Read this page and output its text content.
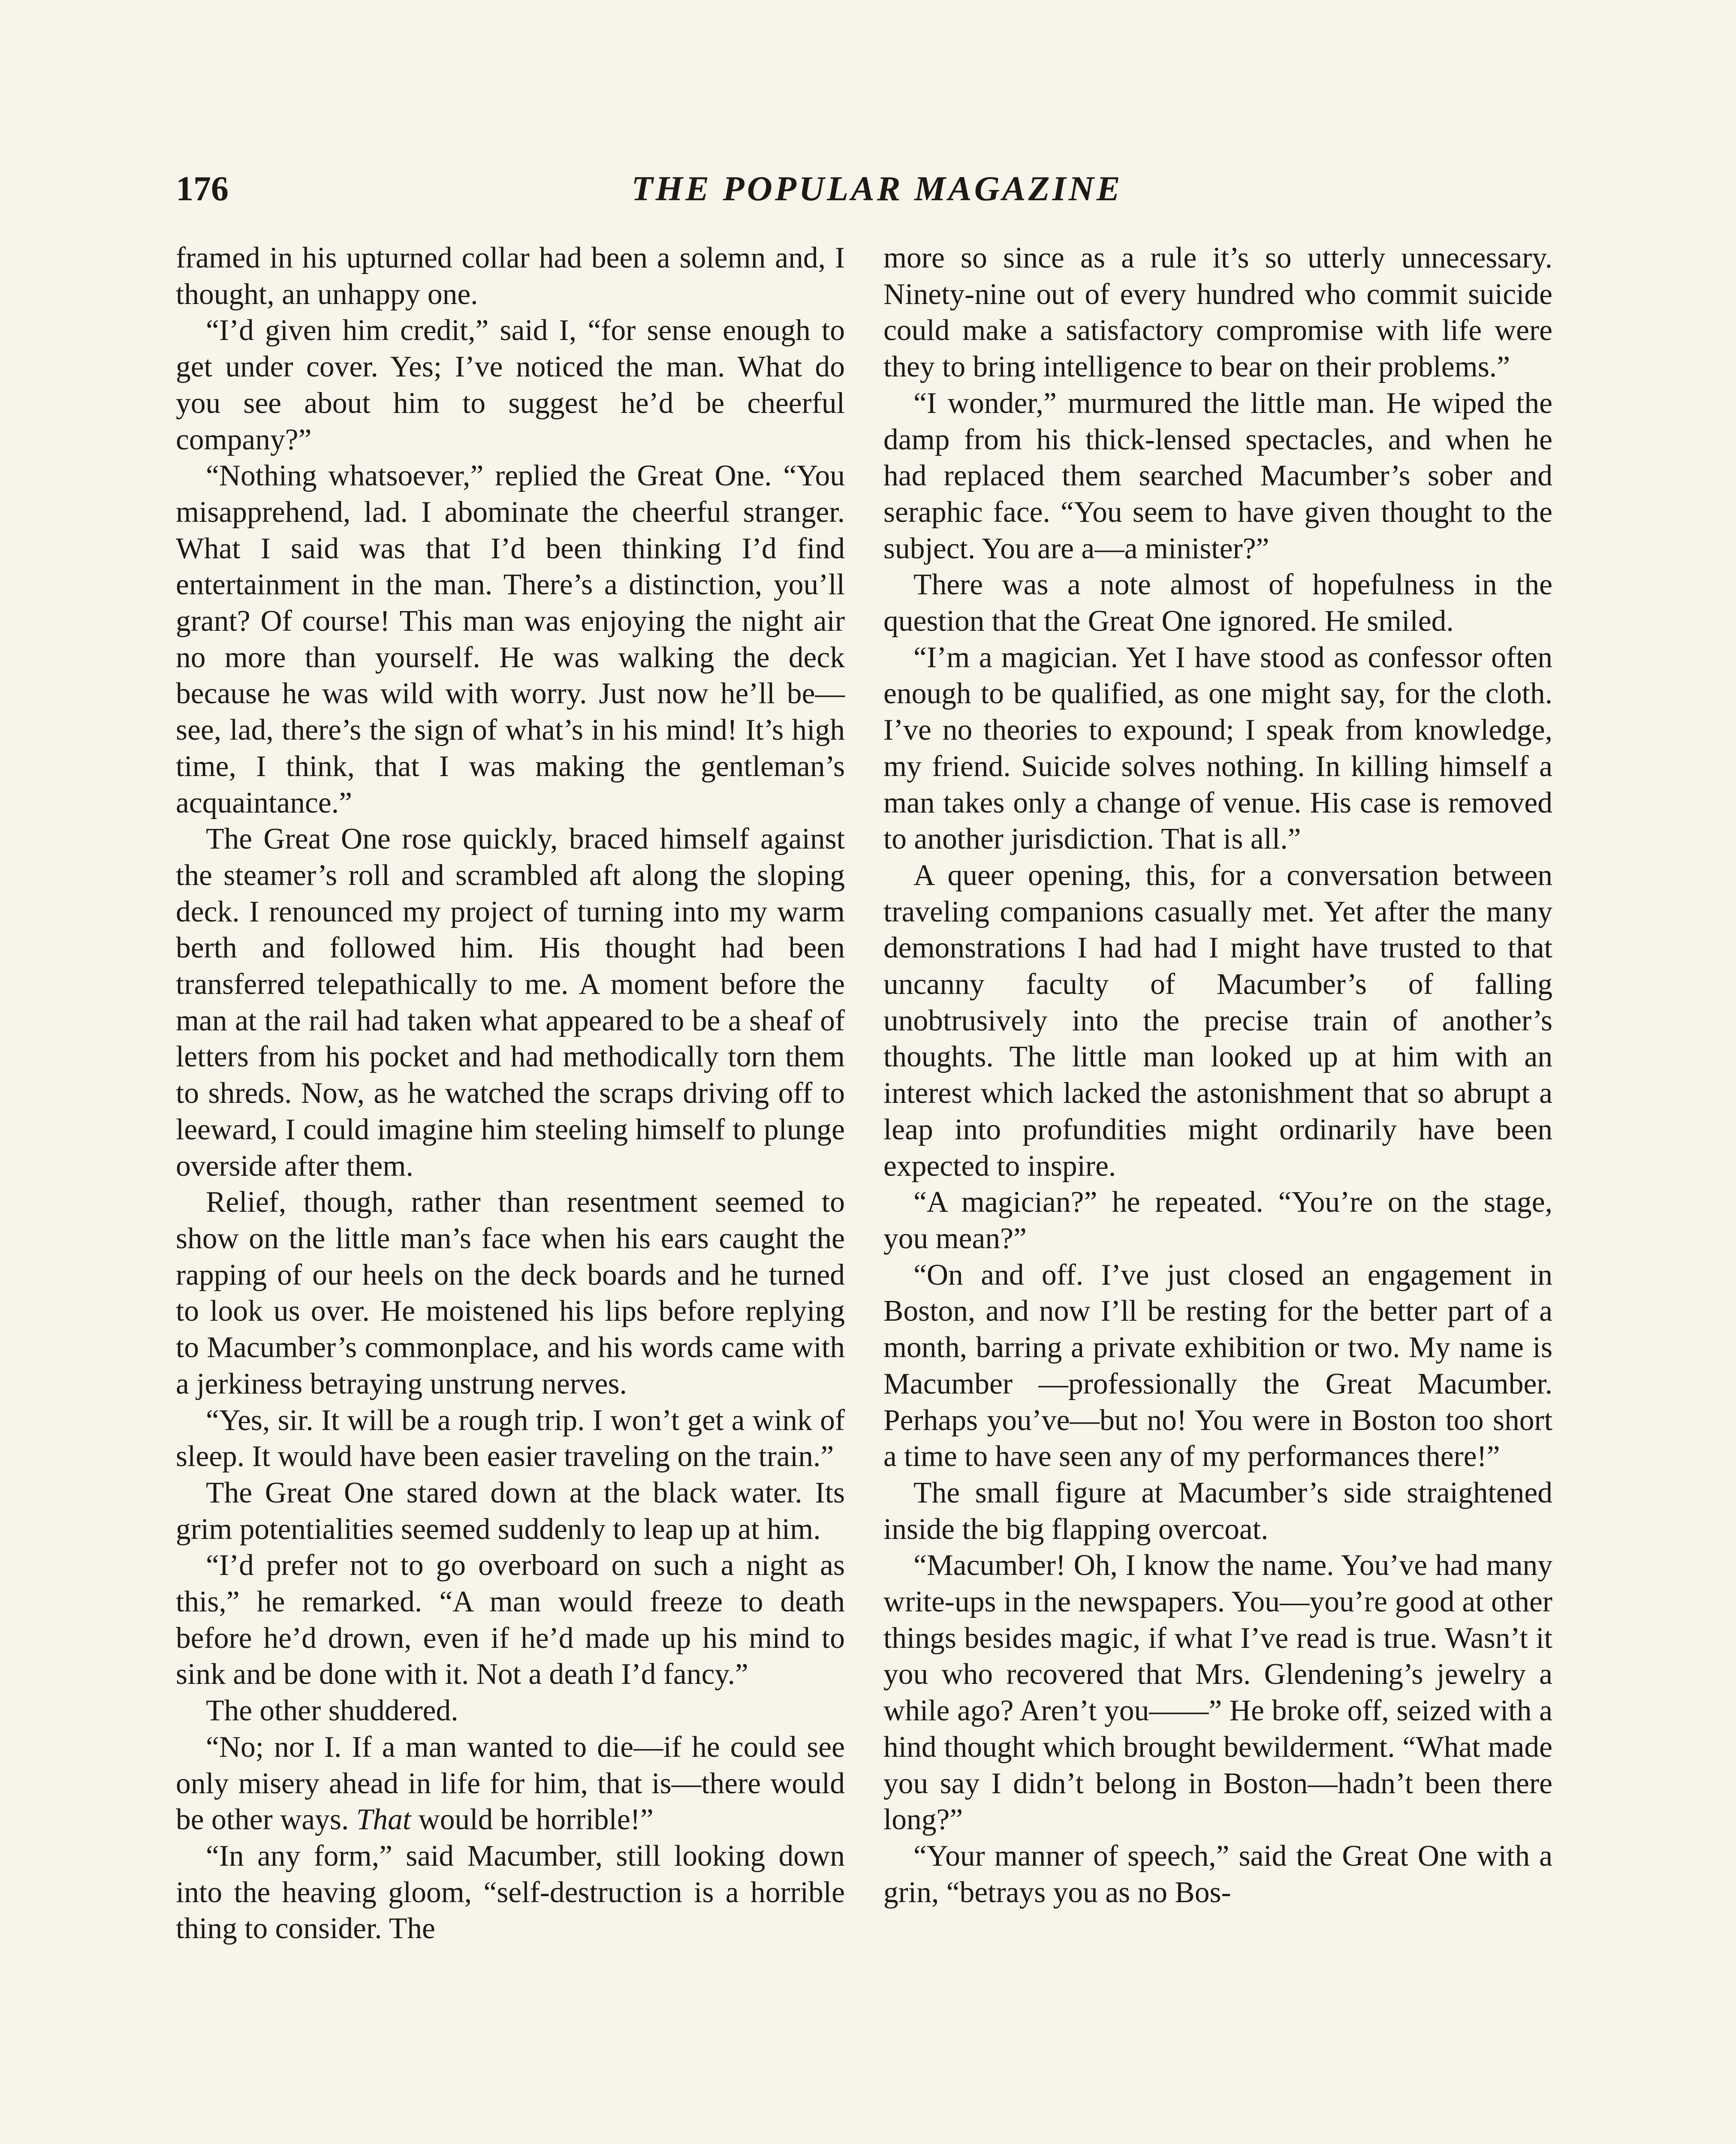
176	THE POPULAR MAGAZINE

framed in his upturned collar had been a solemn and, I thought, an unhappy one.

“I’d given him credit,” said I, “for sense enough to get under cover. Yes; I’ve noticed the man. What do you see about him to suggest he’d be cheerful company?”

“Nothing whatsoever,” replied the Great One. “You misapprehend, lad. I abominate the cheerful stranger. What I said was that I’d been thinking I’d find entertainment in the man. There’s a distinction, you’ll grant? Of course! This man was enjoying the night air no more than yourself. He was walking the deck because he was wild with worry. Just now he’ll be—see, lad, there’s the sign of what’s in his mind! It’s high time, I think, that I was making the gentleman’s acquaintance.”

The Great One rose quickly, braced himself against the steamer’s roll and scrambled aft along the sloping deck. I renounced my project of turning into my warm berth and followed him. His thought had been transferred telepathically to me. A moment before the man at the rail had taken what appeared to be a sheaf of letters from his pocket and had methodically torn them to shreds. Now, as he watched the scraps driving off to leeward, I could imagine him steeling himself to plunge overside after them.

Relief, though, rather than resentment seemed to show on the little man’s face when his ears caught the rapping of our heels on the deck boards and he turned to look us over. He moistened his lips before replying to Macumber’s commonplace, and his words came with a jerkiness betraying unstrung nerves.

“Yes, sir. It will be a rough trip. I won’t get a wink of sleep. It would have been easier traveling on the train.”

The Great One stared down at the black water. Its grim potentialities seemed suddenly to leap up at him.

“I’d prefer not to go overboard on such a night as this,” he remarked. “A man would freeze to death before he’d drown, even if he’d made up his mind to sink and be done with it. Not a death I’d fancy.”

The other shuddered.

“No; nor I. If a man wanted to die—if he could see only misery ahead in life for him, that is—there would be other ways. That would be horrible!”

“In any form,” said Macumber, still looking down into the heaving gloom, “self-destruction is a horrible thing to consider. The

more so since as a rule it’s so utterly unnecessary. Ninety-nine out of every hundred who commit suicide could make a satisfactory compromise with life were they to bring intelligence to bear on their problems.”

“I wonder,” murmured the little man. He wiped the damp from his thick-lensed spectacles, and when he had replaced them searched Macumber’s sober and seraphic face. “You seem to have given thought to the subject. You are a—a minister?”

There was a note almost of hopefulness in the question that the Great One ignored. He smiled.

“I’m a magician. Yet I have stood as confessor often enough to be qualified, as one might say, for the cloth. I’ve no theories to expound; I speak from knowledge, my friend. Suicide solves nothing. In killing himself a man takes only a change of venue. His case is removed to another jurisdiction. That is all.”

A queer opening, this, for a conversation between traveling companions casually met. Yet after the many demonstrations I had had I might have trusted to that uncanny faculty of Macumber’s of falling unobtrusively into the precise train of another’s thoughts. The little man looked up at him with an interest which lacked the astonishment that so abrupt a leap into profundities might ordinarily have been expected to inspire.

“A magician?” he repeated. “You’re on the stage, you mean?”

“On and off. I’ve just closed an engagement in Boston, and now I’ll be resting for the better part of a month, barring a private exhibition or two. My name is Macumber —professionally the Great Macumber. Perhaps you’ve—but no! You were in Boston too short a time to have seen any of my performances there!”

The small figure at Macumber’s side straightened inside the big flapping overcoat.

“Macumber! Oh, I know the name. You’ve had many write-ups in the newspapers. You—you’re good at other things besides magic, if what I’ve read is true. Wasn’t it you who recovered that Mrs. Glendening’s jewelry a while ago? Aren’t you——” He broke off, seized with a hind thought which brought bewilderment. “What made you say I didn’t belong in Boston—hadn’t been there long?”

“Your manner of speech,” said the Great One with a grin, “betrays you as no Bos-
